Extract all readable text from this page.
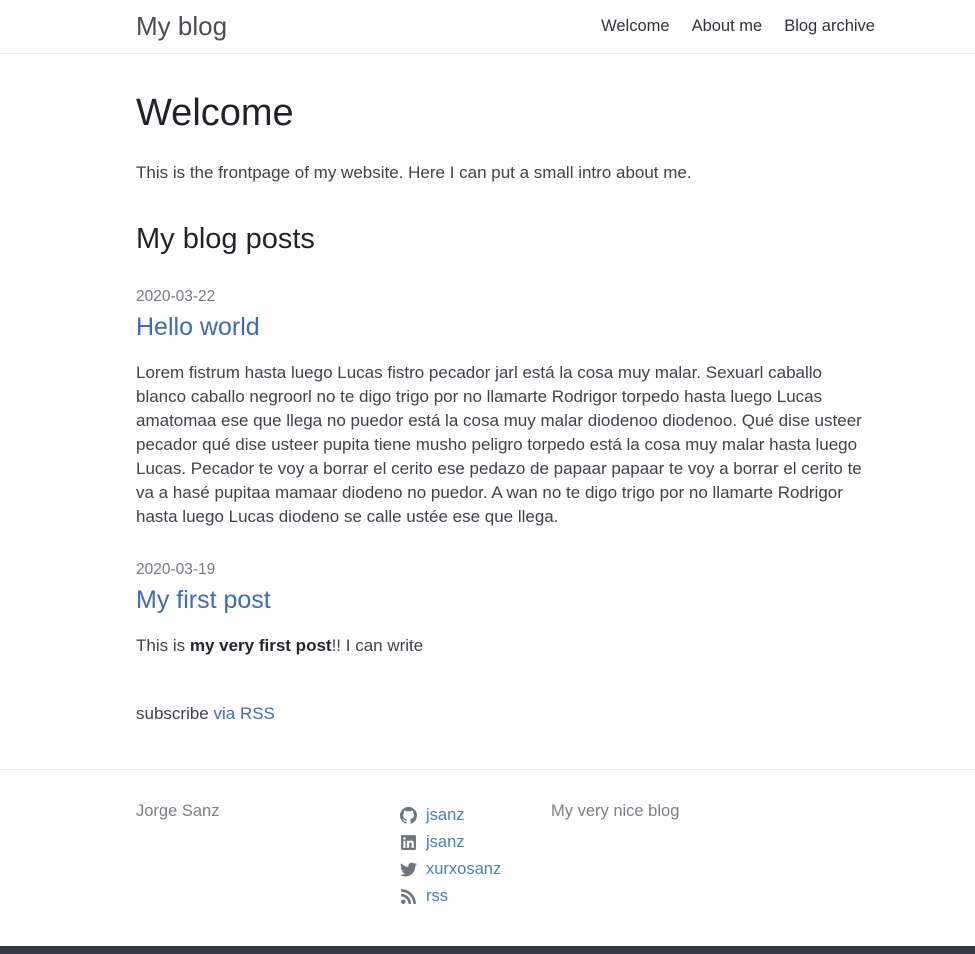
My blog	Welcome About me Blog archive
Welcome

This is the frontpage of my website. Here I can put a small intro about me.

My blog posts
2020-03-22
Hello world

Lorem fistrum hasta luego Lucas fistro pecador jarl está la cosa muy malar. Sexuarl caballo blanco caballo negroorl no te digo trigo por no llamarte Rodrigor torpedo hasta luego Lucas amatomaa ese que llega no puedor está la cosa muy malar diodenoo diodenoo. Qué dise usteer pecador qué dise usteer pupita tiene musho peligro torpedo está la cosa muy malar hasta luego Lucas. Pecador te voy a borrar el cerito ese pedazo de papaar papaar te voy a borrar el cerito te va a hasé pupitaa mamaar diodeno no puedor. A wan no te digo trigo por no llamarte Rodrigor hasta luego Lucas diodeno se calle ustée ese que llega.

2020-03-19
My first post

This is my very first post!! I can write

subscribe via RSS

Jorge Sanz	jsanz
jsanz
xurxosanz
rss
My very nice blog
